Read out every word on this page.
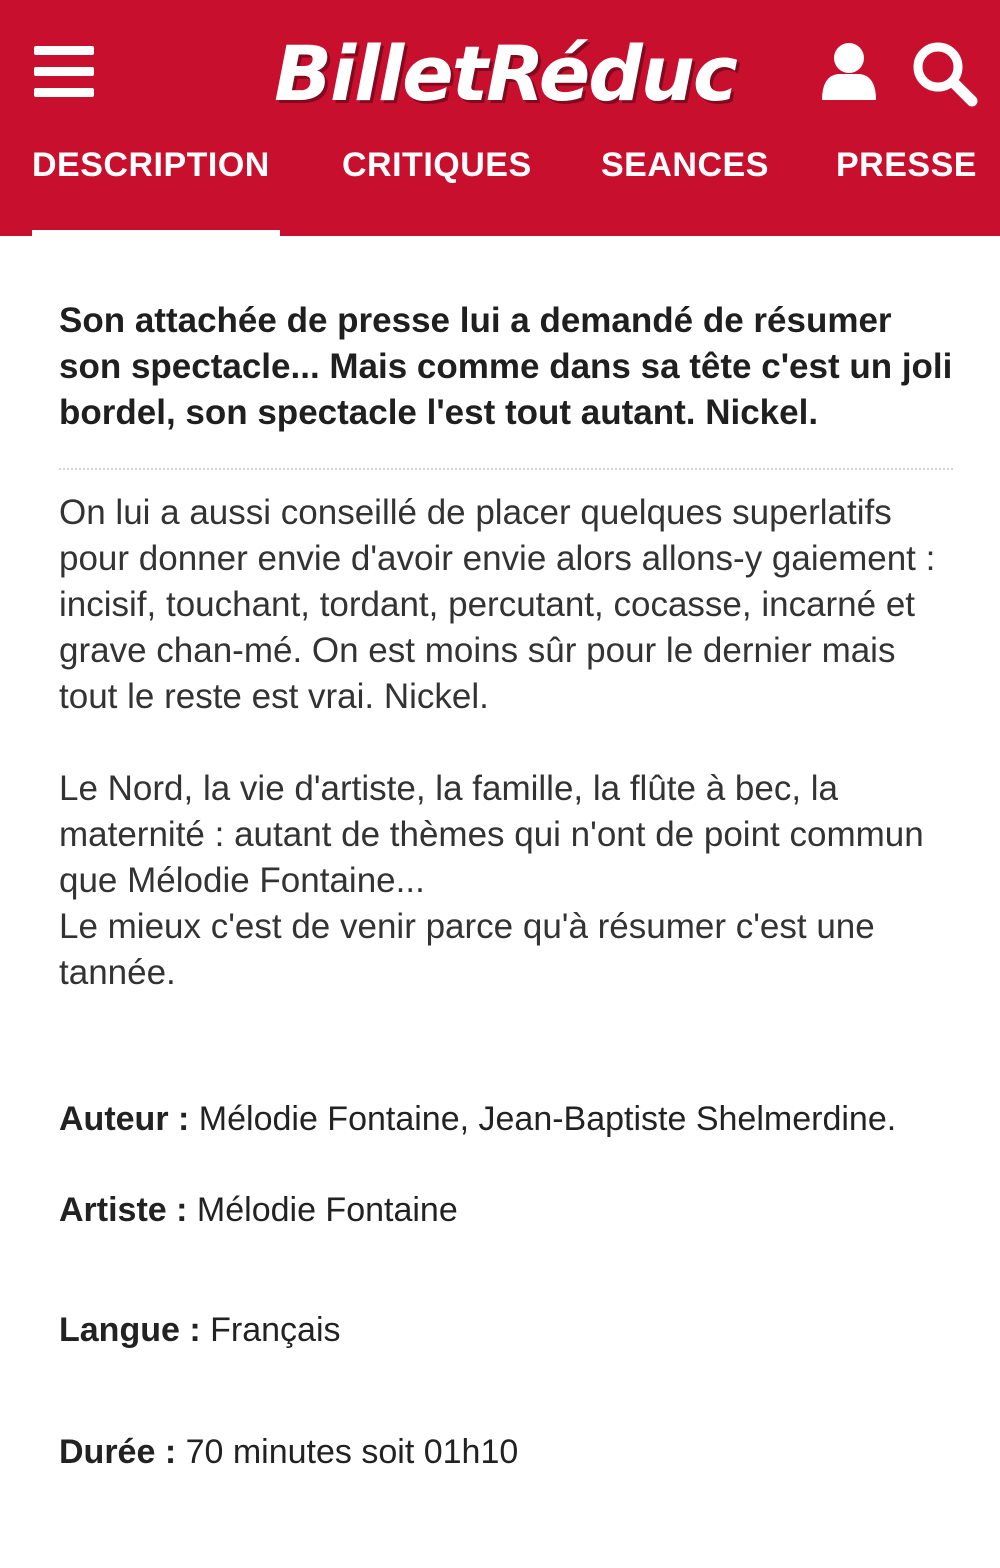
BilletRéduc
DESCRIPTION CRITIQUES SEANCES PRESSE

Son attachée de presse lui a demandé de résumer son spectacle... Mais comme dans sa tête c'est un joli bordel, son spectacle l'est tout autant. Nickel.

On lui a aussi conseillé de placer quelques superlatifs pour donner envie d'avoir envie alors allons-y gaiement : incisif, touchant, tordant, percutant, cocasse, incarné et grave chan-mé. On est moins sûr pour le dernier mais tout le reste est vrai. Nickel.

Le Nord, la vie d'artiste, la famille, la flûte à bec, la maternité : autant de thèmes qui n'ont de point commun que Mélodie Fontaine...
Le mieux c'est de venir parce qu'à résumer c'est une tannée.

Auteur : Mélodie Fontaine, Jean-Baptiste Shelmerdine.
Artiste : Mélodie Fontaine
Langue : Français
Durée : 70 minutes soit 01h10
